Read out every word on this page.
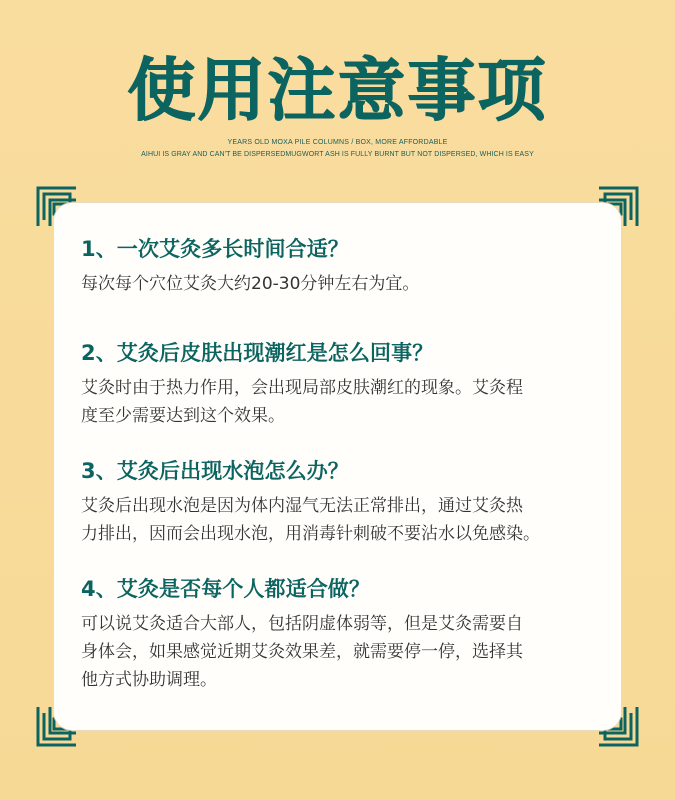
使用注意事项
YEARS OLD MOXA PILE COLUMNS / BOX, MORE AFFORDABLE
AIHUI IS GRAY AND CAN'T BE DISPERSEDMUGWORT ASH IS FULLY BURNT BUT NOT DISPERSED, WHICH IS EASY
1、一次艾灸多长时间合适？
每次每个穴位艾灸大约20-30分钟左右为宜。
2、艾灸后皮肤出现潮红是怎么回事？
艾灸时由于热力作用，会出现局部皮肤潮红的现象。艾灸程
度至少需要达到这个效果。
3、艾灸后出现水泡怎么办？
艾灸后出现水泡是因为体内湿气无法正常排出，通过艾灸热
力排出，因而会出现水泡，用消毒针刺破不要沾水以免感染。
4、艾灸是否每个人都适合做？
可以说艾灸适合大部人，包括阴虚体弱等，但是艾灸需要自
身体会，如果感觉近期艾灸效果差，就需要停一停，选择其
他方式协助调理。
